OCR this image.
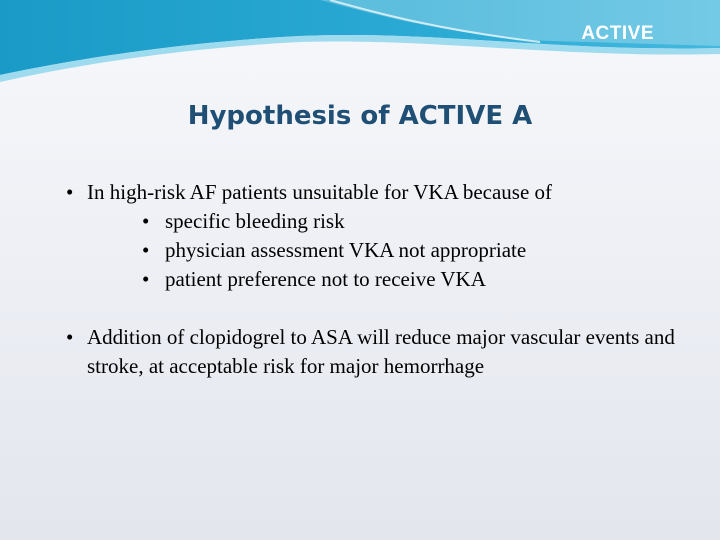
ACTIVE
Hypothesis of ACTIVE A
• In high-risk AF patients unsuitable for VKA because of
• specific bleeding risk
• physician assessment VKA not appropriate
• patient preference not to receive VKA
• Addition of clopidogrel to ASA will reduce major vascular events and stroke, at acceptable risk for major hemorrhage
